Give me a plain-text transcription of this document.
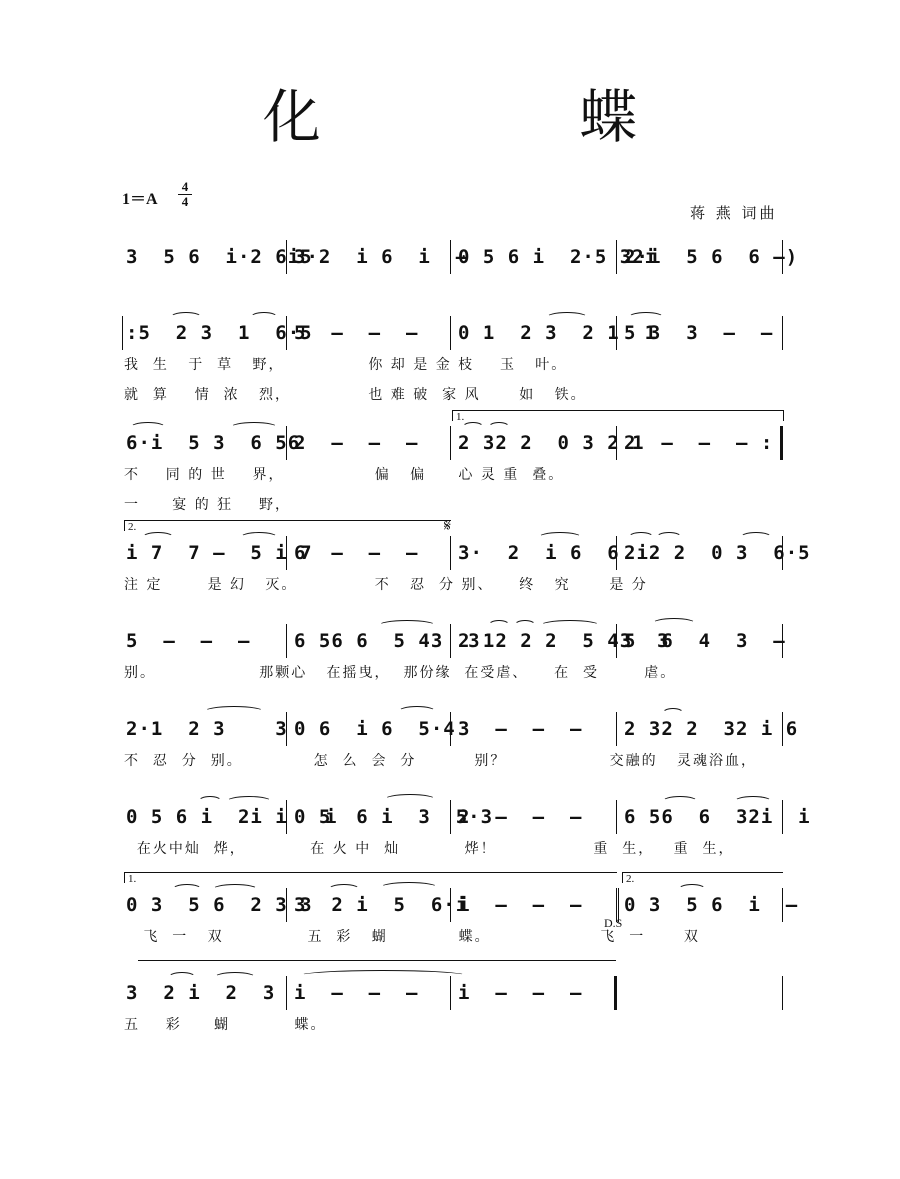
化 蝶
1＝A
4
4
蒋 燕 词曲
3  5 6  i·2 6i5
3·2  i 6  i  –
0 5 6 i  2·5 32i
2·i  5 6  6 –)
:5  2 3  1  6·5
5  –  –  – 0 1  2 3  2 1  1
5 3  3  –  –
我  生   于  草   野，             你 却 是 金 枝    玉   叶。
就  算    情  浓   烈，            也 难 破  家 风      如   铁。
1.
6·i  5 3  6 56
2  –  –  – 2 32 2  0 3 2 1
2  –  –  – :
不    同 的 世    界，              偏   偏     心 灵 重  叠。
一     宴 的 狂    野，
2.	𝄋
i 7  7 –  5 i 7
6  –  –  – 3·  2  i 6  6 2i2 2  0 3  6·5
注 定       是 幻   灭。            不   忍  分 别、    终   究      是 分
5  –  –  – 6 56 6  5 43  3
2 12 2 2  5 43  3
5  6  4  3  –
别。                那颗心   在摇曳，  那份缘  在受虐、    在  受       虐。
2·1  2 3    3 0 6  i 6  5·4 3  –  –  – 2 32 2  32 i 6
不  忍  分  别。           怎  么  会  分         别？                交融的   灵魂浴血，
0 5 6 i  2i i   i
0 5  6 i  3  5·3
2  –  –  – 6 56  6  32i  i
在火中灿  烨，          在 火 中  灿          烨！               重  生，   重  生，
1.	2.
D.S
0 3  5 6  2 3 3
3  2 i  5  6·i
i  –  –  – 0 3  5 6  i  –
飞  一   双             五  彩   蝴           蝶。                 飞  一      双
3  2 i  2  3 i  –  –  – i  –  –  –
五    彩     蝴          蝶。
